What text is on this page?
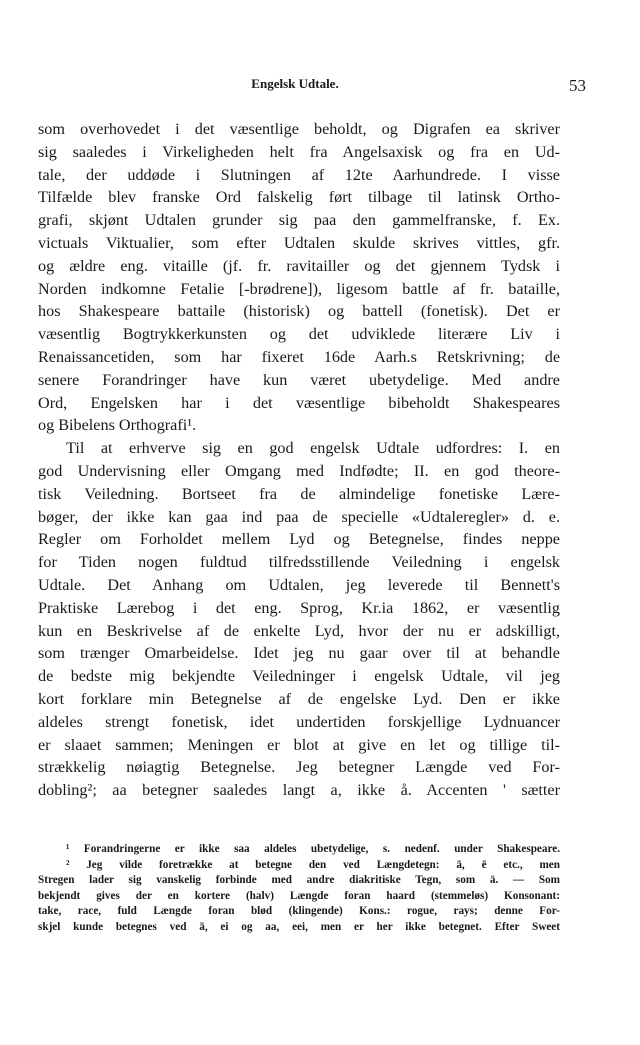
Engelsk Udtale.	53
som overhovedet i det væsentlige beholdt, og Digrafen ea skriver
sig saaledes i Virkeligheden helt fra Angelsaxisk og fra en Ud-
tale, der uddøde i Slutningen af 12te Aarhundrede. I visse
Tilfælde blev franske Ord falskelig ført tilbage til latinsk Ortho-
grafi, skjønt Udtalen grunder sig paa den gammelfranske, f. Ex.
victuals Viktualier, som efter Udtalen skulde skrives vittles, gfr.
og ældre eng. vitaille (jf. fr. ravitailler og det gjennem Tydsk i
Norden indkomne Fetalie [-brødrene]), ligesom battle af fr. bataille,
hos Shakespeare battaile (historisk) og battell (fonetisk). Det er
væsentlig Bogtrykkerkunsten og det udviklede literære Liv i
Renaissancetiden, som har fixeret 16de Aarh.s Retskrivning; de
senere Forandringer have kun været ubetydelige. Med andre
Ord, Engelsken har i det væsentlige bibeholdt Shakespeares
og Bibelens Orthografi¹.
Til at erhverve sig en god engelsk Udtale udfordres: I. en
god Undervisning eller Omgang med Indfødte; II. en god theore-
tisk Veiledning. Bortseet fra de almindelige fonetiske Lære-
bøger, der ikke kan gaa ind paa de specielle «Udtaleregler» d. e.
Regler om Forholdet mellem Lyd og Betegnelse, findes neppe
for Tiden nogen fuldtud tilfredsstillende Veiledning i engelsk
Udtale. Det Anhang om Udtalen, jeg leverede til Bennett's
Praktiske Lærebog i det eng. Sprog, Kr.ia 1862, er væsentlig
kun en Beskrivelse af de enkelte Lyd, hvor der nu er adskilligt,
som trænger Omarbeidelse. Idet jeg nu gaar over til at behandle
de bedste mig bekjendte Veiledninger i engelsk Udtale, vil jeg
kort forklare min Betegnelse af de engelske Lyd. Den er ikke
aldeles strengt fonetisk, idet undertiden forskjellige Lydnuancer
er slaaet sammen; Meningen er blot at give en let og tillige til-
strækkelig nøiagtig Betegnelse. Jeg betegner Længde ved For-
dobling²; aa betegner saaledes langt a, ikke å. Accenten ' sætter
¹ Forandringerne er ikke saa aldeles ubetydelige, s. nedenf. under Shakespeare.
² Jeg vilde foretrække at betegne den ved Længdetegn: ā, ē etc., men
Stregen lader sig vanskelig forbinde med andre diakritiske Tegn, som ä. — Som
bekjendt gives der en kortere (halv) Længde foran haard (stemmeløs) Konsonant:
take, race, fuld Længde foran blød (klingende) Kons.: rogue, rays; denne For-
skjel kunde betegnes ved ā, ei og aa, eei, men er her ikke betegnet. Efter Sweet
